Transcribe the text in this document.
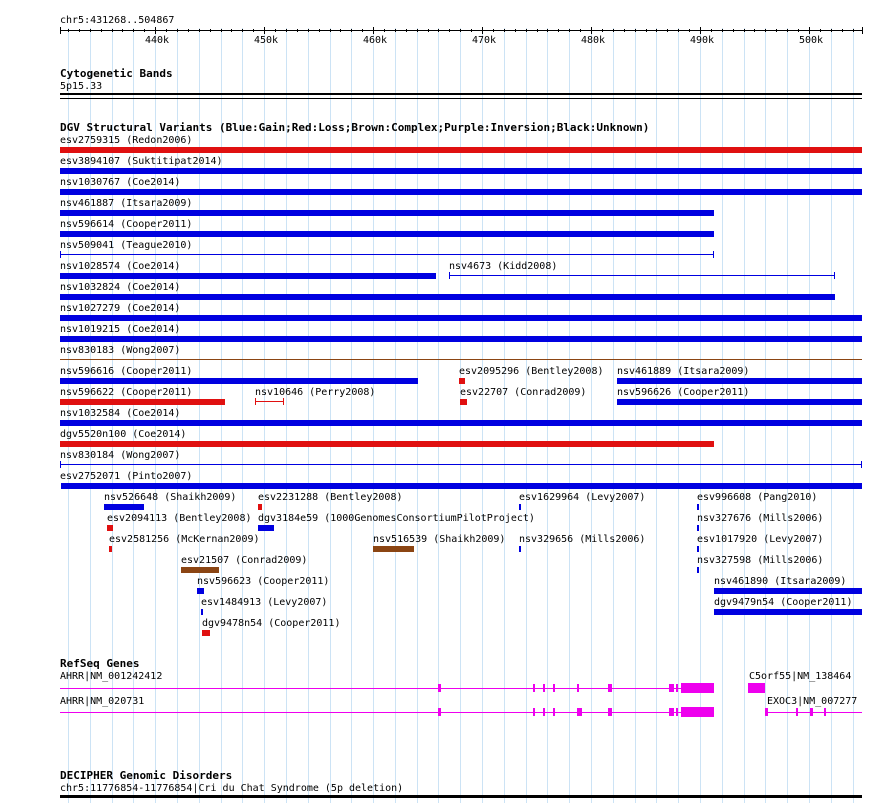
chr5:431268..504867
440k	450k	460k	470k	480k	490k	500k
Cytogenetic Bands
5p15.33
DGV Structural Variants (Blue:Gain;Red:Loss;Brown:Complex;Purple:Inversion;Black:Unknown)
esv2759315 (Redon2006)
esv3894107 (Suktitipat2014)
nsv1030767 (Coe2014)
nsv461887 (Itsara2009)
nsv596614 (Cooper2011)
nsv509041 (Teague2010)
nsv1028574 (Coe2014)	nsv4673 (Kidd2008)
nsv1032824 (Coe2014)
nsv1027279 (Coe2014)
nsv1019215 (Coe2014)
nsv830183 (Wong2007)
nsv596616 (Cooper2011)	esv2095296 (Bentley2008) nsv461889 (Itsara2009)
nsv596622 (Cooper2011)	nsv10646 (Perry2008)	esv22707 (Conrad2009)	nsv596626 (Cooper2011)
nsv1032584 (Coe2014)
dgv5520n100 (Coe2014)
nsv830184 (Wong2007)
esv2752071 (Pinto2007)
nsv526648 (Shaikh2009) esv2231288 (Bentley2008)	esv1629964 (Levy2007)	esv996608 (Pang2010)
esv2094113 (Bentley2008) dgv3184e59 (1000GenomesConsortiumPilotProject)	nsv327676 (Mills2006)
esv2581256 (McKernan2009)	nsv516539 (Shaikh2009) nsv329656 (Mills2006)	esv1017920 (Levy2007)
esv21507 (Conrad2009)	nsv327598 (Mills2006)
nsv596623 (Cooper2011)	nsv461890 (Itsara2009)
esv1484913 (Levy2007)	dgv9479n54 (Cooper2011)
dgv9478n54 (Cooper2011)
RefSeq Genes
AHRR|NM_001242412
AHRR|NM_020731
C5orf55|NM_138464
EXOC3|NM_007277
DECIPHER Genomic Disorders
chr5:11776854-11776854|Cri du Chat Syndrome (5p deletion)
